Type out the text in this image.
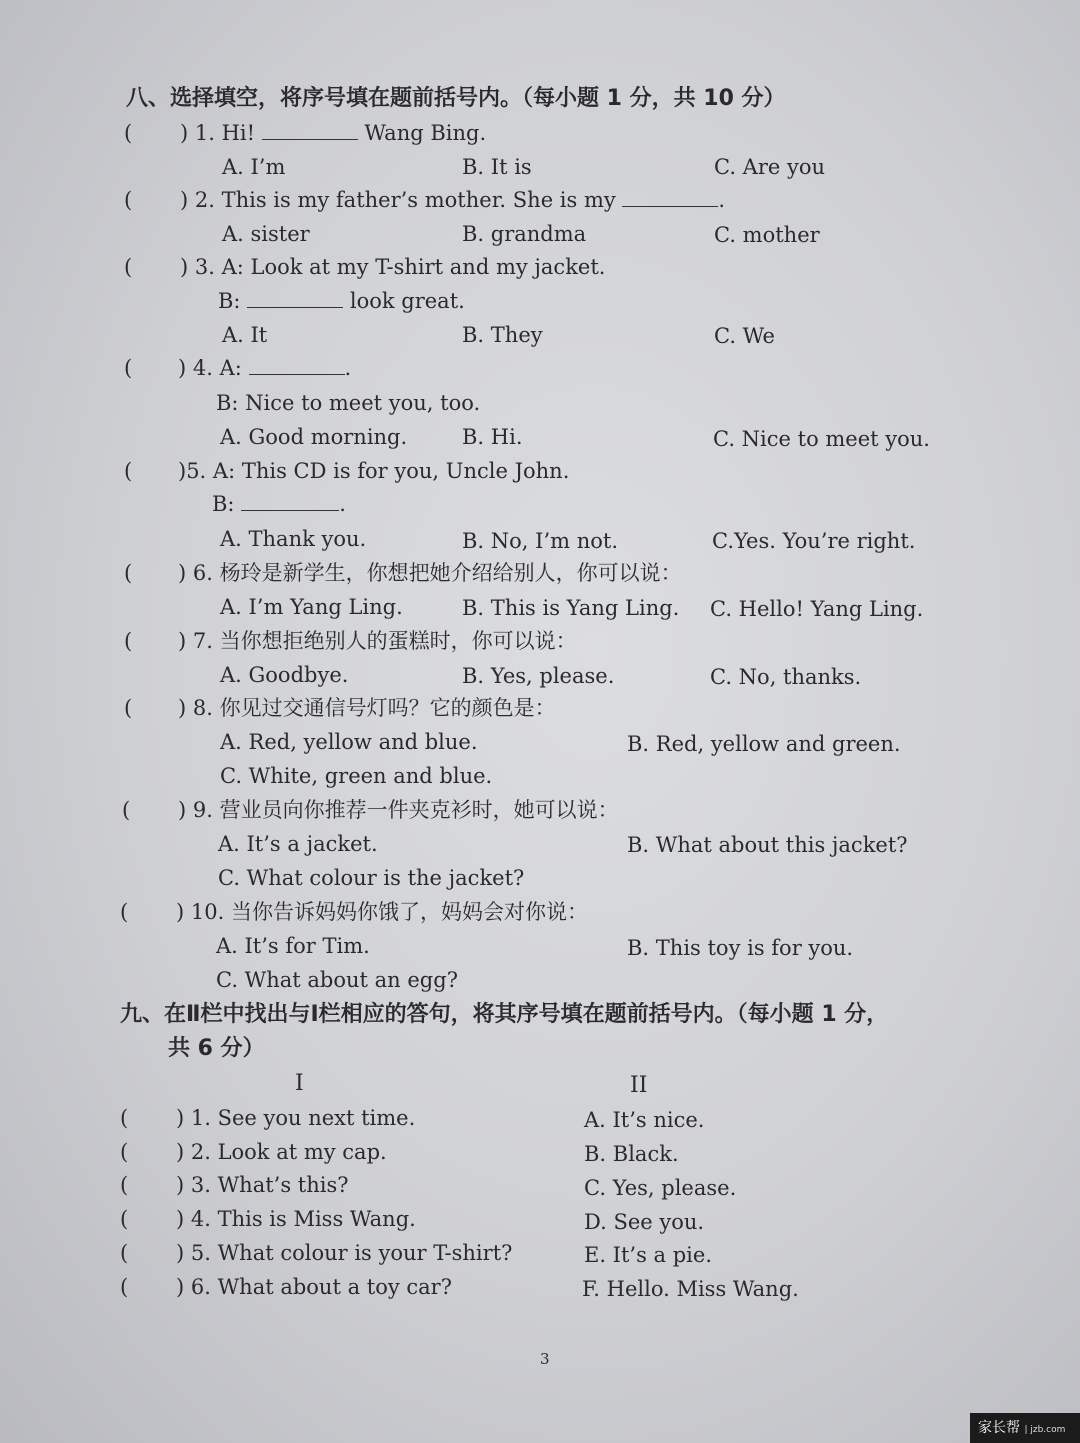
八、选择填空，将序号填在题前括号内。（每小题 1 分，共 10 分）
( ) 1. Hi!	Wang Bing.
A. I’m	B. It is	C. Are you
( ) 2. This is my father’s mother. She is my	.
A. sister	B. grandma	C. mother
( ) 3. A: Look at my T-shirt and my jacket.
B:	look great.
A. It	B. They	C. We
( ) 4. A:	.
B: Nice to meet you, too.
A. Good morning.	B. Hi.	C. Nice to meet you.
( )5. A: This CD is for you, Uncle John.
B:	.
A. Thank you.	B. No, I’m not.	C.Yes. You’re right.
( ) 6. 杨玲是新学生，你想把她介绍给别人，你可以说：
A. I’m Yang Ling.	B. This is Yang Ling. C. Hello! Yang Ling.
( ) 7. 当你想拒绝别人的蛋糕时，你可以说：
A. Goodbye.	B. Yes, please.	C. No, thanks.
( ) 8. 你见过交通信号灯吗？它的颜色是：
A. Red, yellow and blue.	B. Red, yellow and green.
C. White, green and blue.
( ) 9. 营业员向你推荐一件夹克衫时，她可以说：
A. It’s a jacket.	B. What about this jacket?
C. What colour is the jacket?
( ) 10. 当你告诉妈妈你饿了，妈妈会对你说：
A. It’s for Tim.	B. This toy is for you.
C. What about an egg?
九、在Ⅱ栏中找出与Ⅰ栏相应的答句，将其序号填在题前括号内。（每小题 1 分，
共 6 分）
I	II
( ) 1. See you next time.	A. It’s nice.
( ) 2. Look at my cap.	B. Black.
( ) 3. What’s this?	C. Yes, please.
( ) 4. This is Miss Wang.	D. See you.
( ) 5. What colour is your T-shirt?	E. It’s a pie.
( ) 6. What about a toy car?	F. Hello. Miss Wang.
3
家长帮 | jzb.com
